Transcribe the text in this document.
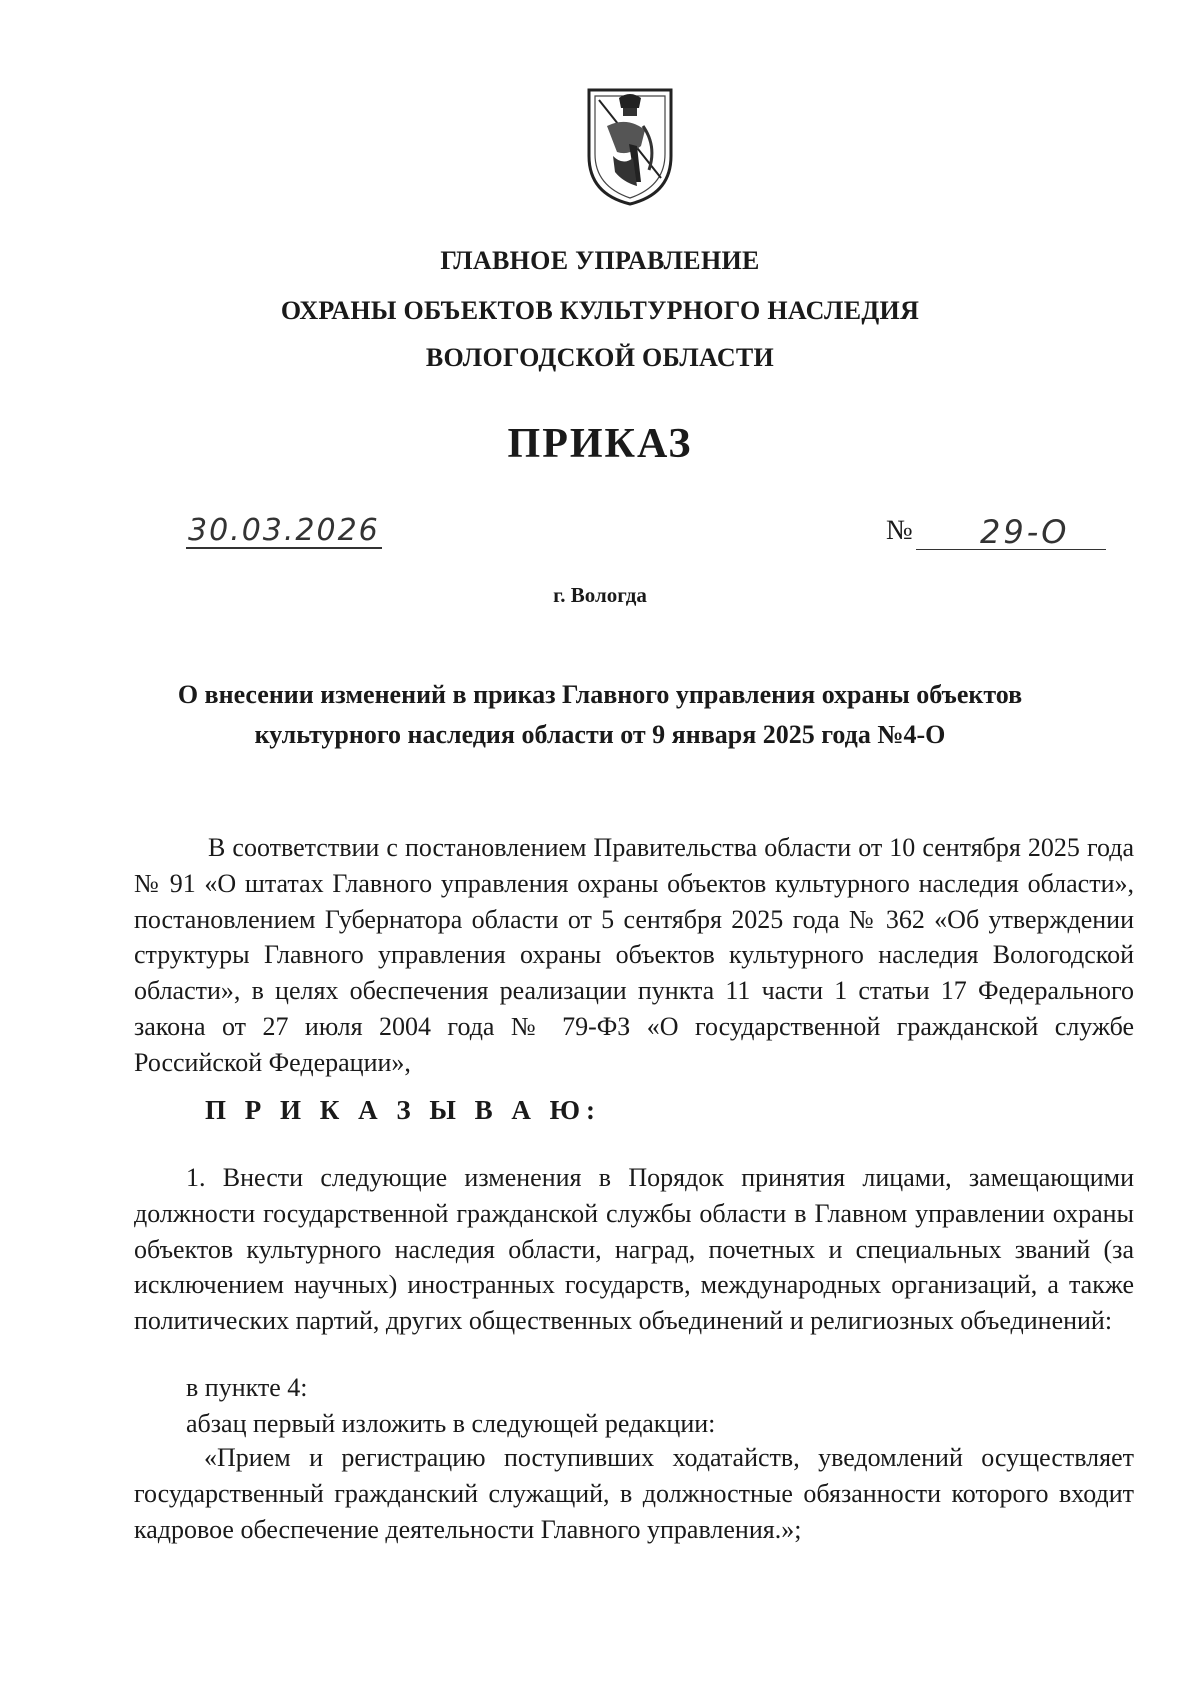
ГЛАВНОЕ УПРАВЛЕНИЕ
ОХРАНЫ ОБЪЕКТОВ КУЛЬТУРНОГО НАСЛЕДИЯ
ВОЛОГОДСКОЙ ОБЛАСТИ
ПРИКАЗ
30.03.2026	№	29-О
г. Вологда
О внесении изменений в приказ Главного управления охраны объектов культурного наследия области от 9 января 2025 года №4-О
В соответствии с постановлением Правительства области от 10 сентября 2025 года № 91 «О штатах Главного управления охраны объектов культурного наследия области», постановлением Губернатора области от 5 сентября 2025 года № 362 «Об утверждении структуры Главного управления охраны объектов культурного наследия Вологодской области», в целях обеспечения реализации пункта 11 части 1 статьи 17 Федерального закона от 27 июля 2004 года № 79-ФЗ «О государственной гражданской службе Российской Федерации»,
П Р И К А З Ы В А Ю:
1. Внести следующие изменения в Порядок принятия лицами, замещающими должности государственной гражданской службы области в Главном управлении охраны объектов культурного наследия области, наград, почетных и специальных званий (за исключением научных) иностранных государств, международных организаций, а также политических партий, других общественных объединений и религиозных объединений:
в пункте 4:
абзац первый изложить в следующей редакции:
«Прием и регистрацию поступивших ходатайств, уведомлений осуществляет государственный гражданский служащий, в должностные обязанности которого входит кадровое обеспечение деятельности Главного управления.»;
